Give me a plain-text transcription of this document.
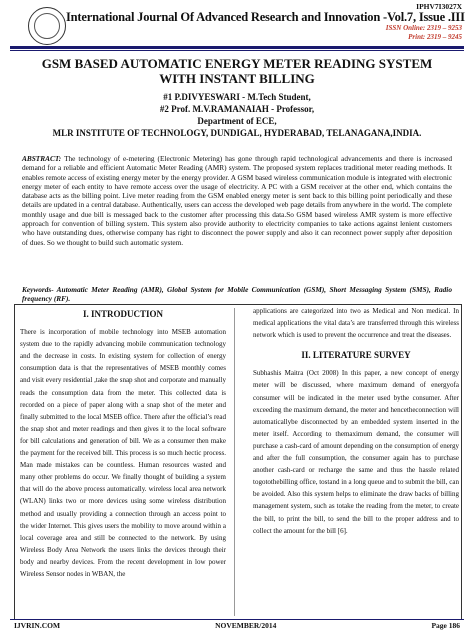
IPHV7I3027X
International Journal Of Advanced Research and Innovation -Vol.7, Issue .III
ISSN Online: 2319 – 9253
Print: 2319 – 9245
GSM BASED AUTOMATIC ENERGY METER READING SYSTEM
WITH INSTANT BILLING
#1 P.DIVYESWARI - M.Tech Student,
#2 Prof. M.V.RAMANAIAH - Professor,
Department of ECE,
MLR INSTITUTE OF TECHNOLOGY, DUNDIGAL, HYDERABAD, TELANAGANA,INDIA.
ABSTRACT: The technology of e-metering (Electronic Metering) has gone through rapid technological advancements and there is increased demand for a reliable and efficient Automatic Meter Reading (AMR) system. The proposed system replaces traditional meter reading methods. It enables remote access of existing energy meter by the energy provider. A GSM based wireless communication module is integrated with electronic energy meter of each entity to have remote access over the usage of electricity. A PC with a GSM receiver at the other end, which contains the database acts as the billing point. Live meter reading from the GSM enabled energy meter is sent back to this billing point periodically and these details are updated in a central database. Authentically, users can access the developed web page details from anywhere in the world. The complete monthly usage and due bill is messaged back to the customer after processing this data.So GSM based wireless AMR system is more effective approach for convention of billing system. This system also provide authority to electricity companies to take actions against lenient customers who have outstanding dues, otherwise company has right to disconnect the power supply and also it can reconnect power supply after deposition of dues. So we thought to build such automatic system.
Keywords- Automatic Meter Reading (AMR), Global System for Mobile Communication (GSM), Short Messaging System (SMS), Radio frequency (RF).
I. INTRODUCTION

There is incorporation of mobile technology into MSEB automation system due to the rapidly advancing mobile communication technology and the decrease in costs. In existing system for collection of energy consumption data is that the representatives of MSEB monthly comes and visit every residential ,take the snap shot and corporate and manually reads the consumption data from the meter. This collected data is recorded on a piece of paper along with a snap shot of the meter and finally submitted to the local MSEB office. There after the official’s read the snap shot and meter readings and then gives it to the local software for bill calculations and generation of bill. We as a consumer then make the payment for the received bill. This process is so much hectic process. Man made mistakes can be countless. Human resources wasted and many other problems do occur. We finally thought of building a system that will do the above process automatically. wireless local area network (WLAN) links two or more devices using some wireless distribution method and usually providing a connection through an access point to the wider Internet. This gives users the mobility to move around within a local coverage area and still be connected to the network. By using Wireless Body Area Network the users links the devices through their body and nearby devices. From the recent development in low power Wireless Sensor nodes in WBAN, the

applications are categorized into two as Medical and Non medical. In medical applications the vital data’s are transferred through this wireless network which is used to prevent the occurrence and treat the diseases.

II. LITERATURE SURVEY

Subhashis Maitra (Oct 2008) In this paper, a new concept of energy meter will be discussed, where maximum demand of energyofa consumer will be indicated in the meter used bythe consumer. After exceeding the maximum demand, the meter and hencetheconnection will automaticallybe disconnected by an embedded system inserted in the meter itself. According to themaximum demand, the consumer will purchase a cash-card of amount depending on the consumption of energy and after the full consumption, the consumer again has to purchase another cash-card or recharge the same and thus the hassle related togotothebilling office, tostand in a long queue and to submit the bill, can be avoided. Also this system helps to eliminate the draw backs of billing management system, such as totake the reading from the meter, to create the bill, to print the bill, to send the bill to the proper address and to collect the amount for the bill [6].

IJVRIN.COM	NOVEMBER/2014	Page 186
